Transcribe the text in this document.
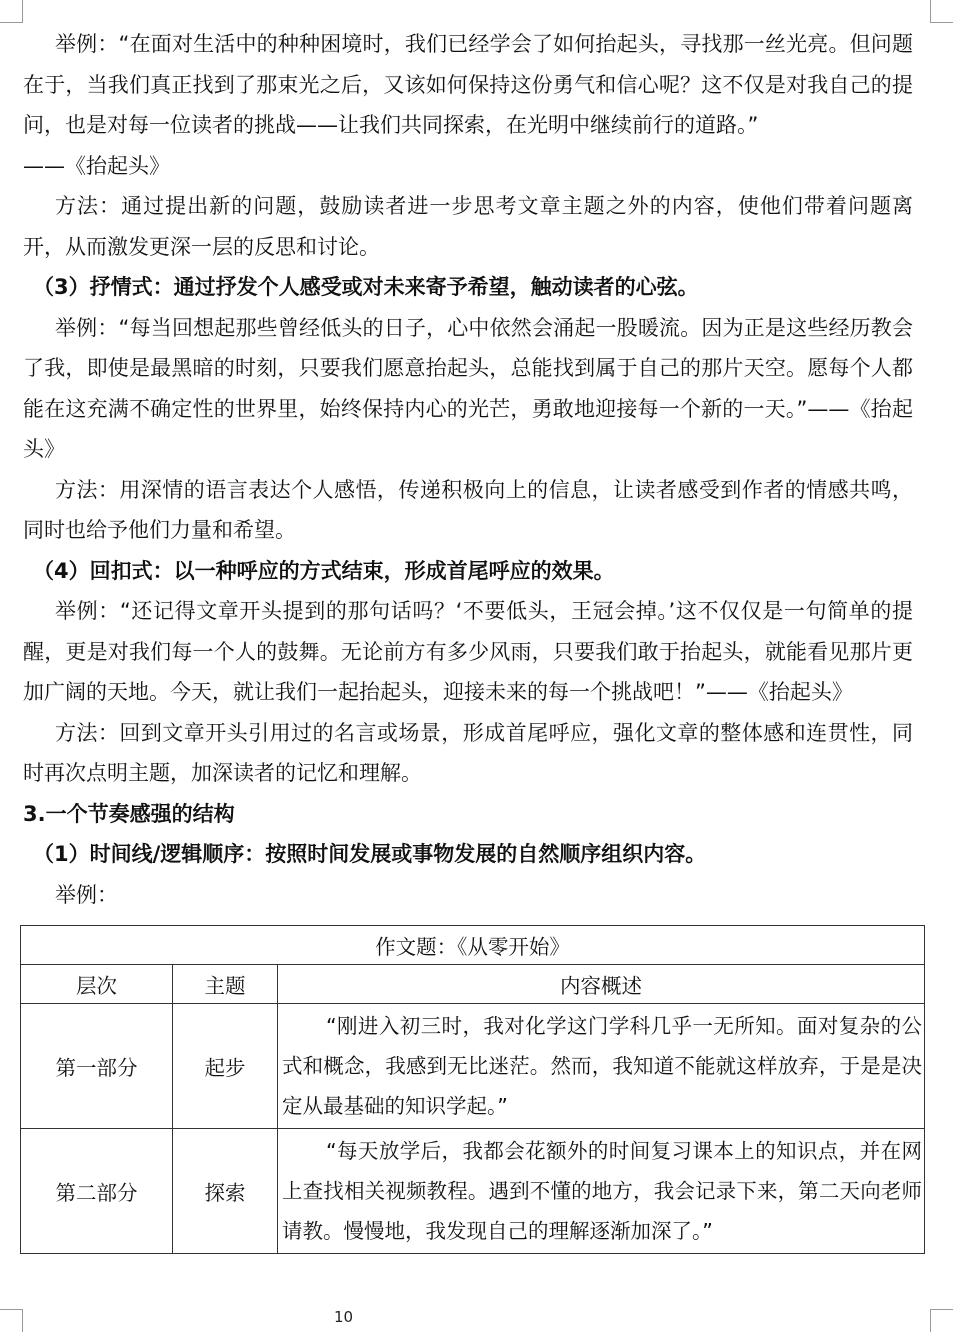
举例：“在面对生活中的种种困境时，我们已经学会了如何抬起头，寻找那一丝光亮。但问题在于，当我们真正找到了那束光之后，又该如何保持这份勇气和信心呢？这不仅是对我自己的提问，也是对每一位读者的挑战——让我们共同探索，在光明中继续前行的道路。”

——《抬起头》

方法：通过提出新的问题，鼓励读者进一步思考文章主题之外的内容，使他们带着问题离开，从而激发更深一层的反思和讨论。

（3）抒情式：通过抒发个人感受或对未来寄予希望，触动读者的心弦。

举例：“每当回想起那些曾经低头的日子，心中依然会涌起一股暖流。因为正是这些经历教会了我，即使是最黑暗的时刻，只要我们愿意抬起头，总能找到属于自己的那片天空。愿每个人都能在这充满不确定性的世界里，始终保持内心的光芒，勇敢地迎接每一个新的一天。”——《抬起头》

方法：用深情的语言表达个人感悟，传递积极向上的信息，让读者感受到作者的情感共鸣，同时也给予他们力量和希望。

（4）回扣式：以一种呼应的方式结束，形成首尾呼应的效果。

举例：“还记得文章开头提到的那句话吗？‘不要低头，王冠会掉。’这不仅仅是一句简单的提醒，更是对我们每一个人的鼓舞。无论前方有多少风雨，只要我们敢于抬起头，就能看见那片更加广阔的天地。今天，就让我们一起抬起头，迎接未来的每一个挑战吧！”——《抬起头》

方法：回到文章开头引用过的名言或场景，形成首尾呼应，强化文章的整体感和连贯性，同时再次点明主题，加深读者的记忆和理解。

3.一个节奏感强的结构

（1）时间线/逻辑顺序：按照时间发展或事物发展的自然顺序组织内容。

举例：

作文题：《从零开始》		
层次	主题	内容概述
第一部分	起步	“刚进入初三时，我对化学这门学科几乎一无所知。面对复杂的公式和概念，我感到无比迷茫。然而，我知道不能就这样放弃，于是是决定从最基础的知识学起。”
第二部分	探索	“每天放学后，我都会花额外的时间复习课本上的知识点，并在网上查找相关视频教程。遇到不懂的地方，我会记录下来，第二天向老师请教。慢慢地，我发现自己的理解逐渐加深了。”
10
